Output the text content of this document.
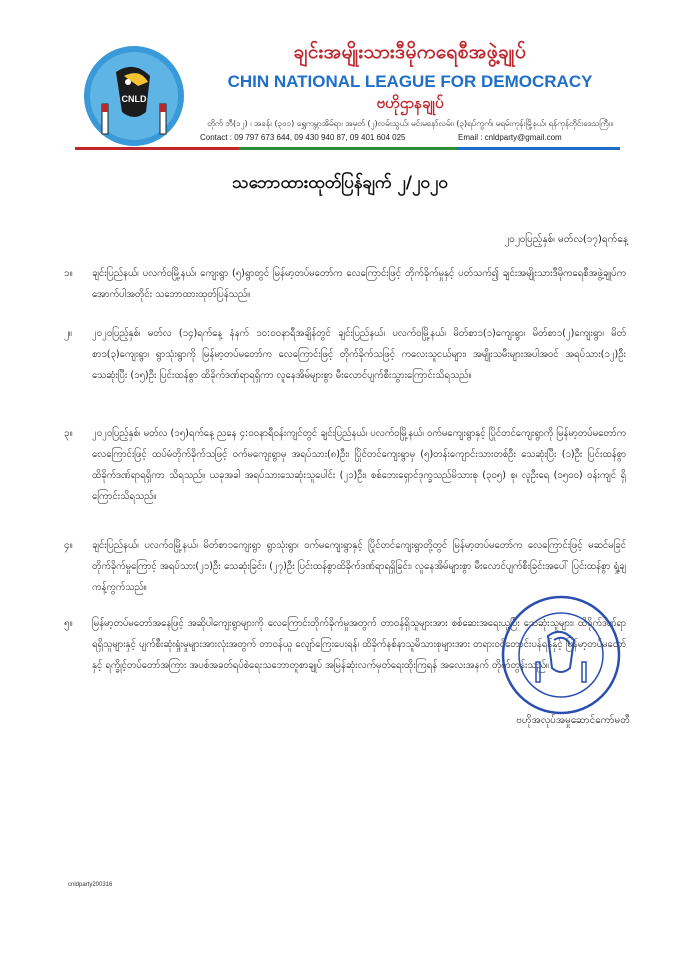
CNLD
ချင်းအမျိုးသားဒီမိုကရေစီအဖွဲ့ချုပ်
CHIN NATIONAL LEAGUE FOR DEMOCRACY
ဗဟိုဌာနချုပ်
တိုက် ဘီ(၁၂) ၊ အခန်း (၃၀၁) ရွှေကမ္ဘာအိမ်ရာ၊ အမှတ် (၂)လမ်းသွယ်၊ မင်းမနော်လမ်း၊ (၃)ရပ်ကွက်၊ မရမ်းကုန်းမြို့နယ်၊ ရန်ကုန်တိုင်းဒေသကြီး။
Contact : 09 797 673 644, 09 430 940 87, 09 401 604 025	Email : cnldparty@gmail.com
သဘောထားထုတ်ပြန်ချက် ၂/၂၀၂၀
၂၀၂၀ပြည့်နှစ်၊ မတ်လ(၁၇)ရက်နေ့
၁။ ချင်းပြည်နယ်၊ ပလက်ဝမြို့နယ်၊ ကျေးရွာ (၅)ရွာတွင် မြန်မာ့တပ်မတော်က လေကြောင်းဖြင့် တိုက်ခိုက်မှုနှင့် ပတ်သက်၍ ချင်းအမျိုးသားဒီမိုကရေစီအဖွဲ့ချုပ်က အောက်ပါအတိုင်း သဘောထားထုတ်ပြန်သည်။
၂။ ၂၀၂၀ပြည့်နှစ်၊ မတ်လ (၁၄)ရက်နေ့ နံနက် ၁၀:၀၀နာရီအချိန်တွင် ချင်းပြည်နယ်၊ ပလက်ဝမြို့နယ်၊ မိတ်စာ၁(၁)ကျေးရွာ၊ မိတ်စာ၁(၂)ကျေးရွာ၊ မိတ်စာ၁(၃)ကျေးရွာ၊ ရွာသုံးရွာကို မြန်မာ့တပ်မတော်က လေကြောင်းဖြင့် တိုက်ခိုက်သဖြင့် ကလေးသူငယ်များ၊ အမျိုးသမီးများအပါအဝင် အရပ်သား(၁၂)ဦး သေဆုံးပြီး (၁၅)ဦး ပြင်းထန်စွာ ထိခိုက်ဒဏ်ရာရရှိကာ လူနေအိမ်များစွာ မီးလောင်ပျက်စီးသွားကြောင်းသိရသည်။
၃။ ၂၀၂၀ပြည့်နှစ်၊ မတ်လ (၁၅)ရက်နေ့ ညနေ ၄:၀၀နာရီဝန်းကျင်တွင် ချင်းပြည်နယ်၊ ပလက်ဝမြို့နယ်၊ ဝက်မကျေးရွာနှင့် ပြိုင်တင်ကျေးရွာကို မြန်မာ့တပ်မတော်က လေကြောင်းဖြင့် ထပ်မံတိုက်ခိုက်သဖြင့် ဝက်မကျေးရွာမှ အရပ်သား(၈)ဦး၊ ပြိုင်တင်ကျေးရွာမှ (၅)တန်းကျောင်းသားတစ်ဦး သေဆုံးပြီး (၁)ဦး ပြင်းထန်စွာ ထိခိုက်ဒဏ်ရာရရှိကာ သိရသည်။ ယခုအခါ အရပ်သားသေဆုံးသူပေါင်း (၂၁)ဦး၊ စစ်ဘေးရှောင်ဒုက္ခသည်မိသားစု (၃၀၅) စု၊ လူဦးရေ (၁၅၀၀) ဝန်းကျင် ရှိကြောင်းသိရသည်။
၄။ ချင်းပြည်နယ်၊ ပလက်ဝမြို့နယ်၊ မိတ်စာ၁ကျေးရွာ ရွာသုံးရွာ၊ ဝက်မကျေးရွာနှင့် ပြိုင်တင်ကျေးရွာတို့တွင် မြန်မာ့တပ်မတော်က လေကြောင်းဖြင့် မဆင်မခြင်တိုက်ခိုက်မှုကြောင့် အရပ်သား(၂၁)ဦး သေဆုံးခြင်း၊ (၂၇)ဦး ပြင်းထန်စွာထိခိုက်ဒဏ်ရာရရှိခြင်း၊ လူနေအိမ်များစွာ မီးလောင်ပျက်စီးခြင်းအပေါ် ပြင်းထန်စွာ ရှုံ့ချကန့်ကွက်သည်။
၅။ မြန်မာ့တပ်မတော်အနေဖြင့် အဆိုပါကျေးရွာများကို လေကြောင်းတိုက်ခိုက်မှုအတွက် တာဝန်ရှိသူများအား စစ်ဆေးအရေးယူပြီး သေဆုံးသူများ၊ ထိခိုက်ဒဏ်ရာရရှိသူများနှင့် ပျက်စီးဆုံးရှုံးမှုများအားလုံးအတွက် တာဝန်ယူ လျော်ကြေးပေးရန်၊ ထိခိုက်နစ်နာသူမိသားစုများအား တရားဝင်တောင်းပန်ရန်နှင့် မြန်မာ့တပ်မတော်နှင့် ရက္ခိုင့်တပ်တော်အကြား အပစ်အခတ်ရပ်စဲရေးသဘောတူစာချုပ် အမြန်ဆုံးလက်မှတ်ရေးထိုးကြရန် အလေးအနက် တိုက်တွန်းသည်။
ဗဟိုအလုပ်အမှုဆောင်ကော်မတီ
cnldparty200316
